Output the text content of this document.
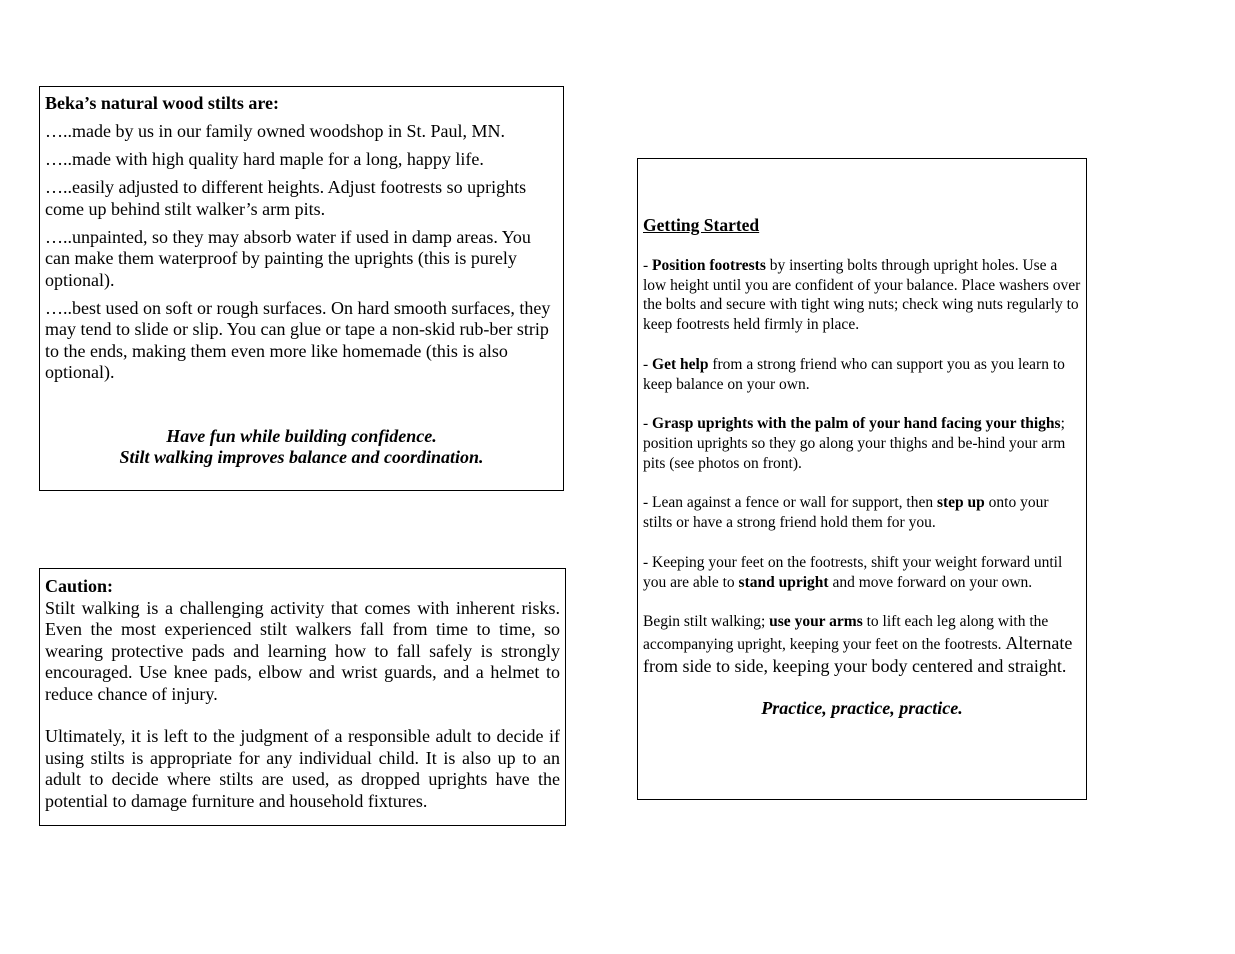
Beka’s natural wood stilts are:
…..made by us in our family owned woodshop in St. Paul, MN.
…..made with high quality hard maple for a long, happy life.
…..easily adjusted to different heights. Adjust footrests so uprights come up behind stilt walker’s arm pits.
…..unpainted, so they may absorb water if used in damp areas. You can make them waterproof by painting the uprights (this is purely optional).
…..best used on soft or rough surfaces. On hard smooth surfaces, they may tend to slide or slip. You can glue or tape a non-skid rub-ber strip to the ends, making them even more like homemade (this is also optional).
Have fun while building confidence.
Stilt walking improves balance and coordination.
Caution:
Stilt walking is a challenging activity that comes with inherent risks. Even the most experienced stilt walkers fall from time to time, so wearing protective pads and learning how to fall safely is strongly encouraged. Use knee pads, elbow and wrist guards, and a helmet to reduce chance of injury.
Ultimately, it is left to the judgment of a responsible adult to decide if using stilts is appropriate for any individual child. It is also up to an adult to decide where stilts are used, as dropped uprights have the potential to damage furniture and household fixtures.
Getting Started
- Position footrests by inserting bolts through upright holes. Use a low height until you are confident of your balance. Place washers over the bolts and secure with tight wing nuts; check wing nuts regularly to keep footrests held firmly in place.
- Get help from a strong friend who can support you as you learn to keep balance on your own.
- Grasp uprights with the palm of your hand facing your thighs; position uprights so they go along your thighs and be-hind your arm pits (see photos on front).
- Lean against a fence or wall for support, then step up onto your stilts or have a strong friend hold them for you.
- Keeping your feet on the footrests, shift your weight forward until you are able to stand upright and move forward on your own.
Begin stilt walking; use your arms to lift each leg along with the accompanying upright, keeping your feet on the footrests. Alternate from side to side, keeping your body centered and straight.
Practice, practice, practice.
